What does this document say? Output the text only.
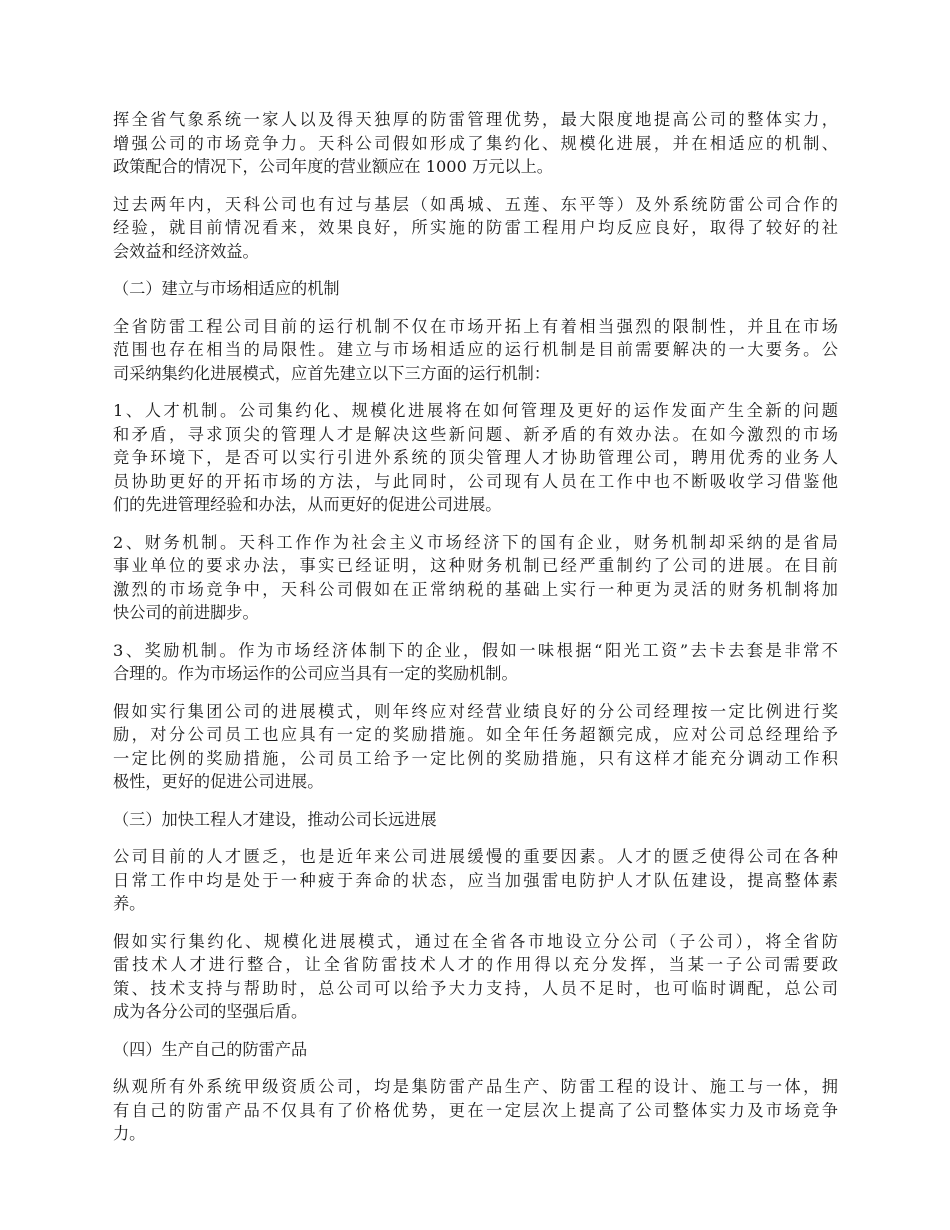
挥全省气象系统一家人以及得天独厚的防雷管理优势，最大限度地提高公司的整体实力，
增强公司的市场竞争力。天科公司假如形成了集约化、规模化进展，并在相适应的机制、
政策配合的情况下，公司年度的营业额应在 1000 万元以上。
过去两年内，天科公司也有过与基层（如禹城、五莲、东平等）及外系统防雷公司合作的
经验，就目前情况看来，效果良好，所实施的防雷工程用户均反应良好，取得了较好的社
会效益和经济效益。
（二）建立与市场相适应的机制
全省防雷工程公司目前的运行机制不仅在市场开拓上有着相当强烈的限制性，并且在市场
范围也存在相当的局限性。建立与市场相适应的运行机制是目前需要解决的一大要务。公
司采纳集约化进展模式，应首先建立以下三方面的运行机制：
1、人才机制。公司集约化、规模化进展将在如何管理及更好的运作发面产生全新的问题
和矛盾，寻求顶尖的管理人才是解决这些新问题、新矛盾的有效办法。在如今激烈的市场
竞争环境下，是否可以实行引进外系统的顶尖管理人才协助管理公司，聘用优秀的业务人
员协助更好的开拓市场的方法，与此同时，公司现有人员在工作中也不断吸收学习借鉴他
们的先进管理经验和办法，从而更好的促进公司进展。
2、财务机制。天科工作作为社会主义市场经济下的国有企业，财务机制却采纳的是省局
事业单位的要求办法，事实已经证明，这种财务机制已经严重制约了公司的进展。在目前
激烈的市场竞争中，天科公司假如在正常纳税的基础上实行一种更为灵活的财务机制将加
快公司的前进脚步。
3、奖励机制。作为市场经济体制下的企业，假如一味根据“阳光工资”去卡去套是非常不
合理的。作为市场运作的公司应当具有一定的奖励机制。
假如实行集团公司的进展模式，则年终应对经营业绩良好的分公司经理按一定比例进行奖
励，对分公司员工也应具有一定的奖励措施。如全年任务超额完成，应对公司总经理给予
一定比例的奖励措施，公司员工给予一定比例的奖励措施，只有这样才能充分调动工作积
极性，更好的促进公司进展。
（三）加快工程人才建设，推动公司长远进展
公司目前的人才匮乏，也是近年来公司进展缓慢的重要因素。人才的匮乏使得公司在各种
日常工作中均是处于一种疲于奔命的状态，应当加强雷电防护人才队伍建设，提高整体素
养。
假如实行集约化、规模化进展模式，通过在全省各市地设立分公司（子公司），将全省防
雷技术人才进行整合，让全省防雷技术人才的作用得以充分发挥，当某一子公司需要政
策、技术支持与帮助时，总公司可以给予大力支持，人员不足时，也可临时调配，总公司
成为各分公司的坚强后盾。
（四）生产自己的防雷产品
纵观所有外系统甲级资质公司，均是集防雷产品生产、防雷工程的设计、施工与一体，拥
有自己的防雷产品不仅具有了价格优势，更在一定层次上提高了公司整体实力及市场竞争
力。
